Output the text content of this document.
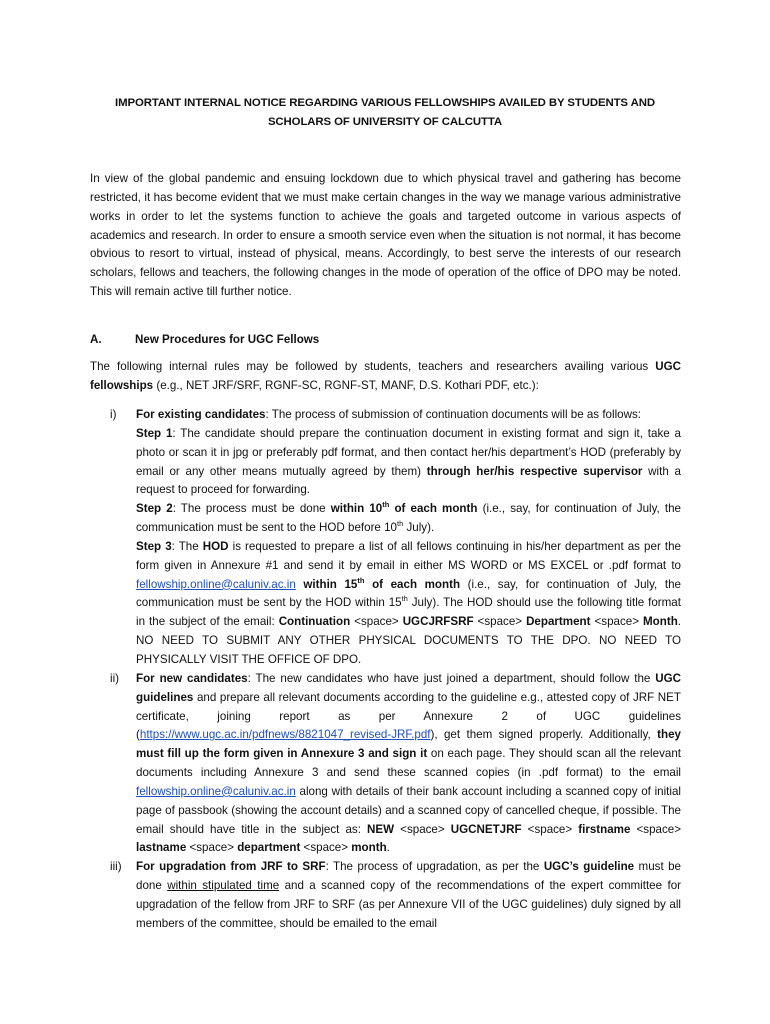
IMPORTANT INTERNAL NOTICE REGARDING VARIOUS FELLOWSHIPS AVAILED BY STUDENTS AND
SCHOLARS OF UNIVERSITY OF CALCUTTA
In view of the global pandemic and ensuing lockdown due to which physical travel and gathering has become restricted, it has become evident that we must make certain changes in the way we manage various administrative works in order to let the systems function to achieve the goals and targeted outcome in various aspects of academics and research. In order to ensure a smooth service even when the situation is not normal, it has become obvious to resort to virtual, instead of physical, means. Accordingly, to best serve the interests of our research scholars, fellows and teachers, the following changes in the mode of operation of the office of DPO may be noted. This will remain active till further notice.
A.	New Procedures for UGC Fellows
The following internal rules may be followed by students, teachers and researchers availing various UGC fellowships (e.g., NET JRF/SRF, RGNF-SC, RGNF-ST, MANF, D.S. Kothari PDF, etc.):
i) For existing candidates: The process of submission of continuation documents will be as follows:
Step 1: The candidate should prepare the continuation document in existing format and sign it, take a photo or scan it in jpg or preferably pdf format, and then contact her/his department’s HOD (preferably by email or any other means mutually agreed by them) through her/his respective supervisor with a request to proceed for forwarding.
Step 2: The process must be done within 10th of each month (i.e., say, for continuation of July, the communication must be sent to the HOD before 10th July).
Step 3: The HOD is requested to prepare a list of all fellows continuing in his/her department as per the form given in Annexure #1 and send it by email in either MS WORD or MS EXCEL or .pdf format to fellowship.online@caluniv.ac.in within 15th of each month (i.e., say, for continuation of July, the communication must be sent by the HOD within 15th July). The HOD should use the following title format in the subject of the email: Continuation <space> UGCJRFSRF <space> Department <space> Month. NO NEED TO SUBMIT ANY OTHER PHYSICAL DOCUMENTS TO THE DPO. NO NEED TO PHYSICALLY VISIT THE OFFICE OF DPO.
ii) For new candidates: The new candidates who have just joined a department, should follow the UGC guidelines and prepare all relevant documents according to the guideline e.g., attested copy of JRF NET certificate, joining report as per Annexure 2 of UGC guidelines (https://www.ugc.ac.in/pdfnews/8821047_revised-JRF.pdf), get them signed properly. Additionally, they must fill up the form given in Annexure 3 and sign it on each page. They should scan all the relevant documents including Annexure 3 and send these scanned copies (in .pdf format) to the email fellowship.online@caluniv.ac.in along with details of their bank account including a scanned copy of initial page of passbook (showing the account details) and a scanned copy of cancelled cheque, if possible. The email should have title in the subject as: NEW <space> UGCNETJRF <space> firstname <space> lastname <space> department <space> month.
iii) For upgradation from JRF to SRF: The process of upgradation, as per the UGC’s guideline must be done within stipulated time and a scanned copy of the recommendations of the expert committee for upgradation of the fellow from JRF to SRF (as per Annexure VII of the UGC guidelines) duly signed by all members of the committee, should be emailed to the email
